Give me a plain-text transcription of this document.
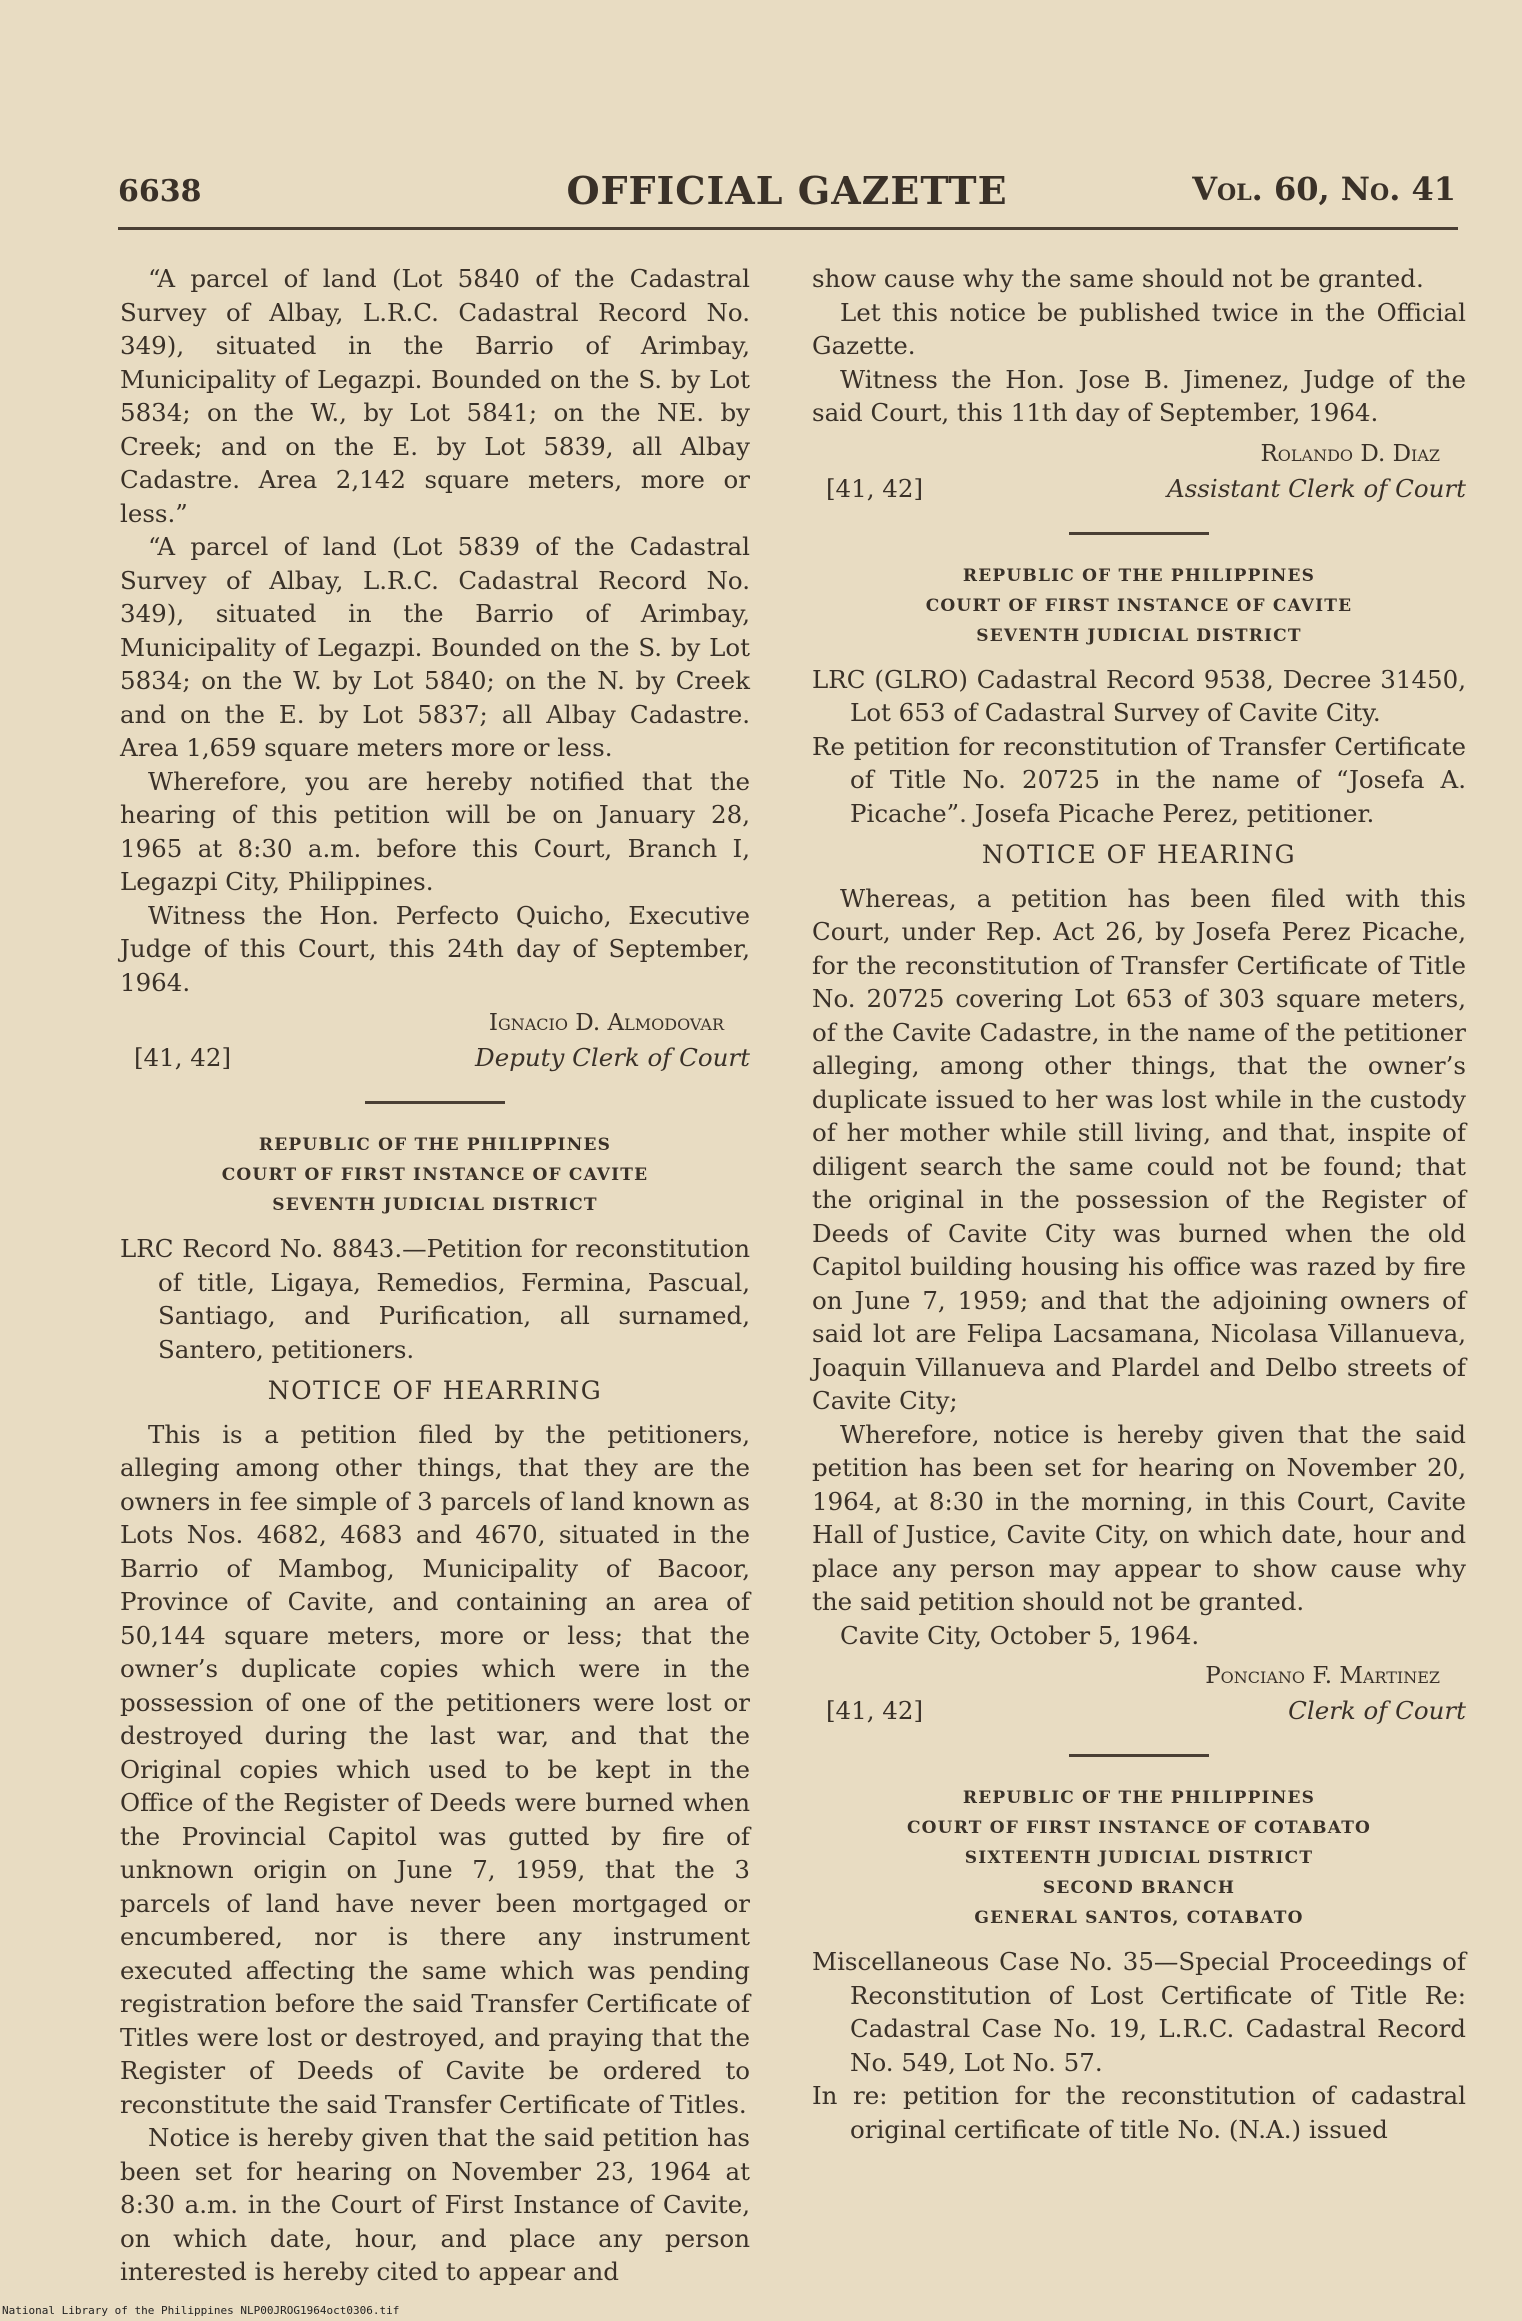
6638	OFFICIAL GAZETTE	Vol. 60, No. 41

“A parcel of land (Lot 5840 of the Cadastral Survey of Albay, L.R.C. Cadastral Record No. 349), situated in the Barrio of Arimbay, Municipality of Legazpi. Bounded on the S. by Lot 5834; on the W., by Lot 5841; on the NE. by Creek; and on the E. by Lot 5839, all Albay Cadastre. Area 2,142 square meters, more or less.”

“A parcel of land (Lot 5839 of the Cadastral Survey of Albay, L.R.C. Cadastral Record No. 349), situated in the Barrio of Arimbay, Municipality of Legazpi. Bounded on the S. by Lot 5834; on the W. by Lot 5840; on the N. by Creek and on the E. by Lot 5837; all Albay Cadastre. Area 1,659 square meters more or less.

Wherefore, you are hereby notified that the hearing of this petition will be on January 28, 1965 at 8:30 a.m. before this Court, Branch I, Legazpi City, Philippines.

Witness the Hon. Perfecto Quicho, Executive Judge of this Court, this 24th day of September, 1964.

Ignacio D. Almodovar
[41, 42]	Deputy Clerk of Court
REPUBLIC OF THE PHILIPPINES
COURT OF FIRST INSTANCE OF CAVITE
SEVENTH JUDICIAL DISTRICT

LRC Record No. 8843.—Petition for reconstitution of title, Ligaya, Remedios, Fermina, Pascual, Santiago, and Purification, all surnamed, Santero, petitioners.

NOTICE OF HEARRING

This is a petition filed by the petitioners, alleging among other things, that they are the owners in fee simple of 3 parcels of land known as Lots Nos. 4682, 4683 and 4670, situated in the Barrio of Mambog, Municipality of Bacoor, Province of Cavite, and containing an area of 50,144 square meters, more or less; that the owner’s duplicate copies which were in the possession of one of the petitioners were lost or destroyed during the last war, and that the Original copies which used to be kept in the Office of the Register of Deeds were burned when the Provincial Capitol was gutted by fire of unknown origin on June 7, 1959, that the 3 parcels of land have never been mortgaged or encumbered, nor is there any instrument executed affecting the same which was pending registration before the said Transfer Certificate of Titles were lost or destroyed, and praying that the Register of Deeds of Cavite be ordered to reconstitute the said Transfer Certificate of Titles.

Notice is hereby given that the said petition has been set for hearing on November 23, 1964 at 8:30 a.m. in the Court of First Instance of Cavite, on which date, hour, and place any person interested is hereby cited to appear and

show cause why the same should not be granted.

Let this notice be published twice in the Official Gazette.

Witness the Hon. Jose B. Jimenez, Judge of the said Court, this 11th day of September, 1964.

Rolando D. Diaz
[41, 42]	Assistant Clerk of Court
REPUBLIC OF THE PHILIPPINES
COURT OF FIRST INSTANCE OF CAVITE
SEVENTH JUDICIAL DISTRICT

LRC (GLRO) Cadastral Record 9538, Decree 31450, Lot 653 of Cadastral Survey of Cavite City.

Re petition for reconstitution of Transfer Certificate of Title No. 20725 in the name of “Josefa A. Picache”. Josefa Picache Perez, petitioner.

NOTICE OF HEARING

Whereas, a petition has been filed with this Court, under Rep. Act 26, by Josefa Perez Picache, for the reconstitution of Transfer Certificate of Title No. 20725 covering Lot 653 of 303 square meters, of the Cavite Cadastre, in the name of the petitioner alleging, among other things, that the owner’s duplicate issued to her was lost while in the custody of her mother while still living, and that, inspite of diligent search the same could not be found; that the original in the possession of the Register of Deeds of Cavite City was burned when the old Capitol building housing his office was razed by fire on June 7, 1959; and that the adjoining owners of said lot are Felipa Lacsamana, Nicolasa Villanueva, Joaquin Villanueva and Plardel and Delbo streets of Cavite City;

Wherefore, notice is hereby given that the said petition has been set for hearing on November 20, 1964, at 8:30 in the morning, in this Court, Cavite Hall of Justice, Cavite City, on which date, hour and place any person may appear to show cause why the said petition should not be granted.

Cavite City, October 5, 1964.

Ponciano F. Martinez
[41, 42]	Clerk of Court
REPUBLIC OF THE PHILIPPINES
COURT OF FIRST INSTANCE OF COTABATO
SIXTEENTH JUDICIAL DISTRICT
SECOND BRANCH
GENERAL SANTOS, COTABATO

Miscellaneous Case No. 35—Special Proceedings of Reconstitution of Lost Certificate of Title Re: Cadastral Case No. 19, L.R.C. Cadastral Record No. 549, Lot No. 57.

In re: petition for the reconstitution of cadastral original certificate of title No. (N.A.) issued

National Library of the Philippines NLP00JROG1964oct0306.tif
